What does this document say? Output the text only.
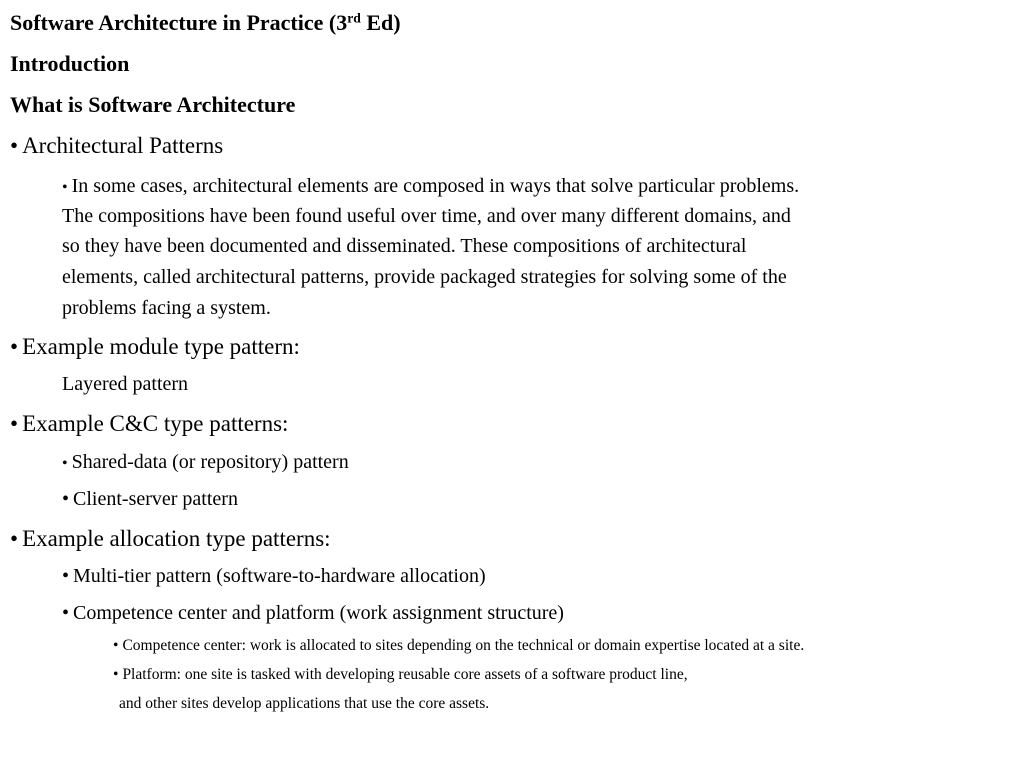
Software Architecture in Practice (3rd Ed)
Introduction
What is Software Architecture
• Architectural Patterns
• In some cases, architectural elements are composed in ways that solve particular problems.
The compositions have been found useful over time, and over many different domains, and
so they have been documented and disseminated. These compositions of architectural
elements, called architectural patterns, provide packaged strategies for solving some of the
problems facing a system.
• Example module type pattern:
Layered pattern
• Example C&C type patterns:
• Shared-data (or repository) pattern
• Client-server pattern
• Example allocation type patterns:
• Multi-tier pattern (software-to-hardware allocation)
• Competence center and platform (work assignment structure)
• Competence center: work is allocated to sites depending on the technical or domain expertise located at a site.
• Platform: one site is tasked with developing reusable core assets of a software product line,
and other sites develop applications that use the core assets.
